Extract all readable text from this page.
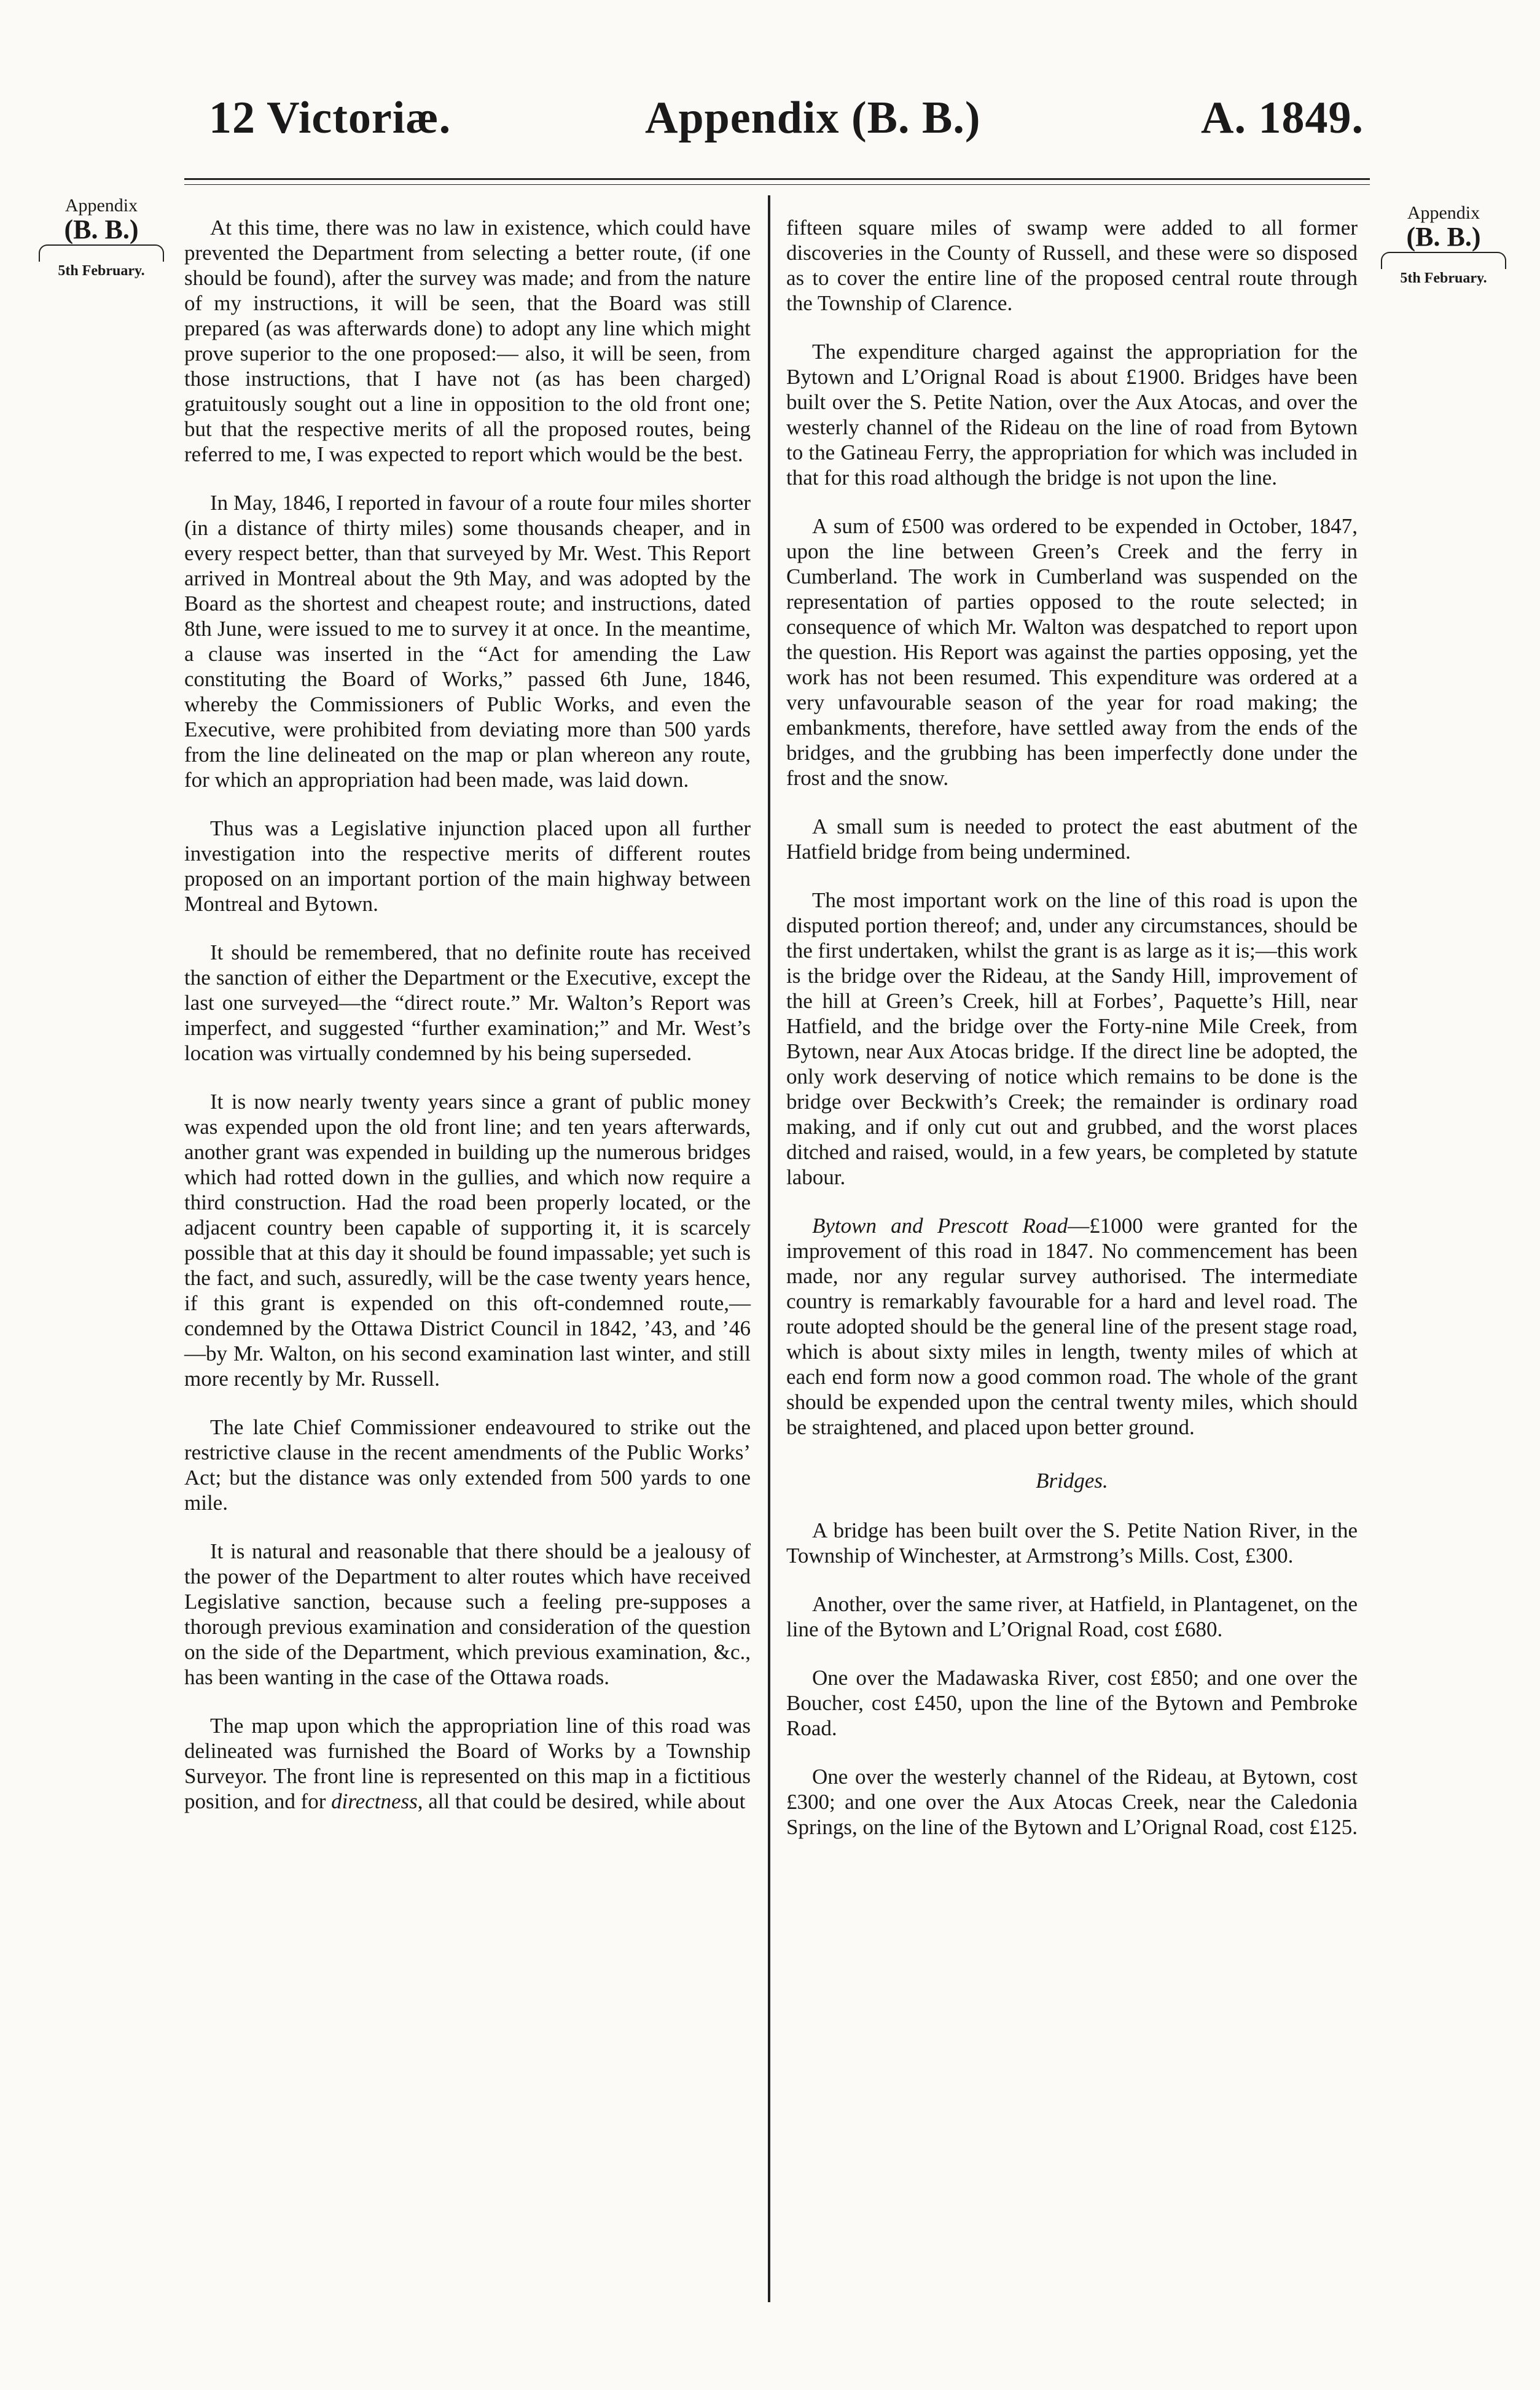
12 Victoriæ.	Appendix (B. B.)	A. 1849.
Appendix
(B. B.)
5th February.
Appendix
(B. B.)
5th February.

At this time, there was no law in existence, which could have prevented the Department from selecting a better route, (if one should be found), after the survey was made; and from the nature of my instructions, it will be seen, that the Board was still prepared (as was afterwards done) to adopt any line which might prove superior to the one proposed:— also, it will be seen, from those instructions, that I have not (as has been charged) gratuitously sought out a line in opposition to the old front one; but that the respective merits of all the proposed routes, being referred to me, I was expected to report which would be the best.

In May, 1846, I reported in favour of a route four miles shorter (in a distance of thirty miles) some thousands cheaper, and in every respect better, than that surveyed by Mr. West. This Report arrived in Montreal about the 9th May, and was adopted by the Board as the shortest and cheapest route; and instructions, dated 8th June, were issued to me to survey it at once. In the meantime, a clause was inserted in the “Act for amending the Law constituting the Board of Works,” passed 6th June, 1846, whereby the Commissioners of Public Works, and even the Executive, were prohibited from deviating more than 500 yards from the line delineated on the map or plan whereon any route, for which an appropriation had been made, was laid down.

Thus was a Legislative injunction placed upon all further investigation into the respective merits of different routes proposed on an important portion of the main highway between Montreal and Bytown.

It should be remembered, that no definite route has received the sanction of either the Department or the Executive, except the last one surveyed—the “direct route.” Mr. Walton’s Report was imperfect, and suggested “further examination;” and Mr. West’s location was virtually condemned by his being superseded.

It is now nearly twenty years since a grant of public money was expended upon the old front line; and ten years afterwards, another grant was expended in building up the numerous bridges which had rotted down in the gullies, and which now require a third construction. Had the road been properly located, or the adjacent country been capable of supporting it, it is scarcely possible that at this day it should be found impassable; yet such is the fact, and such, assuredly, will be the case twenty years hence, if this grant is expended on this oft-condemned route,— condemned by the Ottawa District Council in 1842, ’43, and ’46—by Mr. Walton, on his second examination last winter, and still more recently by Mr. Russell.

The late Chief Commissioner endeavoured to strike out the restrictive clause in the recent amendments of the Public Works’ Act; but the distance was only extended from 500 yards to one mile.

It is natural and reasonable that there should be a jealousy of the power of the Department to alter routes which have received Legislative sanction, because such a feeling pre-supposes a thorough previous examination and consideration of the question on the side of the Department, which previous examination, &c., has been wanting in the case of the Ottawa roads.

The map upon which the appropriation line of this road was delineated was furnished the Board of Works by a Township Surveyor. The front line is represented on this map in a fictitious position, and for directness, all that could be desired, while about

fifteen square miles of swamp were added to all former discoveries in the County of Russell, and these were so disposed as to cover the entire line of the proposed central route through the Township of Clarence.

The expenditure charged against the appropriation for the Bytown and L’Orignal Road is about £1900. Bridges have been built over the S. Petite Nation, over the Aux Atocas, and over the westerly channel of the Rideau on the line of road from Bytown to the Gatineau Ferry, the appropriation for which was included in that for this road although the bridge is not upon the line.

A sum of £500 was ordered to be expended in October, 1847, upon the line between Green’s Creek and the ferry in Cumberland. The work in Cumberland was suspended on the representation of parties opposed to the route selected; in consequence of which Mr. Walton was despatched to report upon the question. His Report was against the parties opposing, yet the work has not been resumed. This expenditure was ordered at a very unfavourable season of the year for road making; the embankments, therefore, have settled away from the ends of the bridges, and the grubbing has been imperfectly done under the frost and the snow.

A small sum is needed to protect the east abutment of the Hatfield bridge from being undermined.

The most important work on the line of this road is upon the disputed portion thereof; and, under any circumstances, should be the first undertaken, whilst the grant is as large as it is;—this work is the bridge over the Rideau, at the Sandy Hill, improvement of the hill at Green’s Creek, hill at Forbes’, Paquette’s Hill, near Hatfield, and the bridge over the Forty-nine Mile Creek, from Bytown, near Aux Atocas bridge. If the direct line be adopted, the only work deserving of notice which remains to be done is the bridge over Beckwith’s Creek; the remainder is ordinary road making, and if only cut out and grubbed, and the worst places ditched and raised, would, in a few years, be completed by statute labour.

Bytown and Prescott Road—£1000 were granted for the improvement of this road in 1847. No commencement has been made, nor any regular survey authorised. The intermediate country is remarkably favourable for a hard and level road. The route adopted should be the general line of the present stage road, which is about sixty miles in length, twenty miles of which at each end form now a good common road. The whole of the grant should be expended upon the central twenty miles, which should be straightened, and placed upon better ground.

Bridges.

A bridge has been built over the S. Petite Nation River, in the Township of Winchester, at Armstrong’s Mills. Cost, £300.

Another, over the same river, at Hatfield, in Plantagenet, on the line of the Bytown and L’Orignal Road, cost £680.

One over the Madawaska River, cost £850; and one over the Boucher, cost £450, upon the line of the Bytown and Pembroke Road.

One over the westerly channel of the Rideau, at Bytown, cost £300; and one over the Aux Atocas Creek, near the Caledonia Springs, on the line of the Bytown and L’Orignal Road, cost £125.
